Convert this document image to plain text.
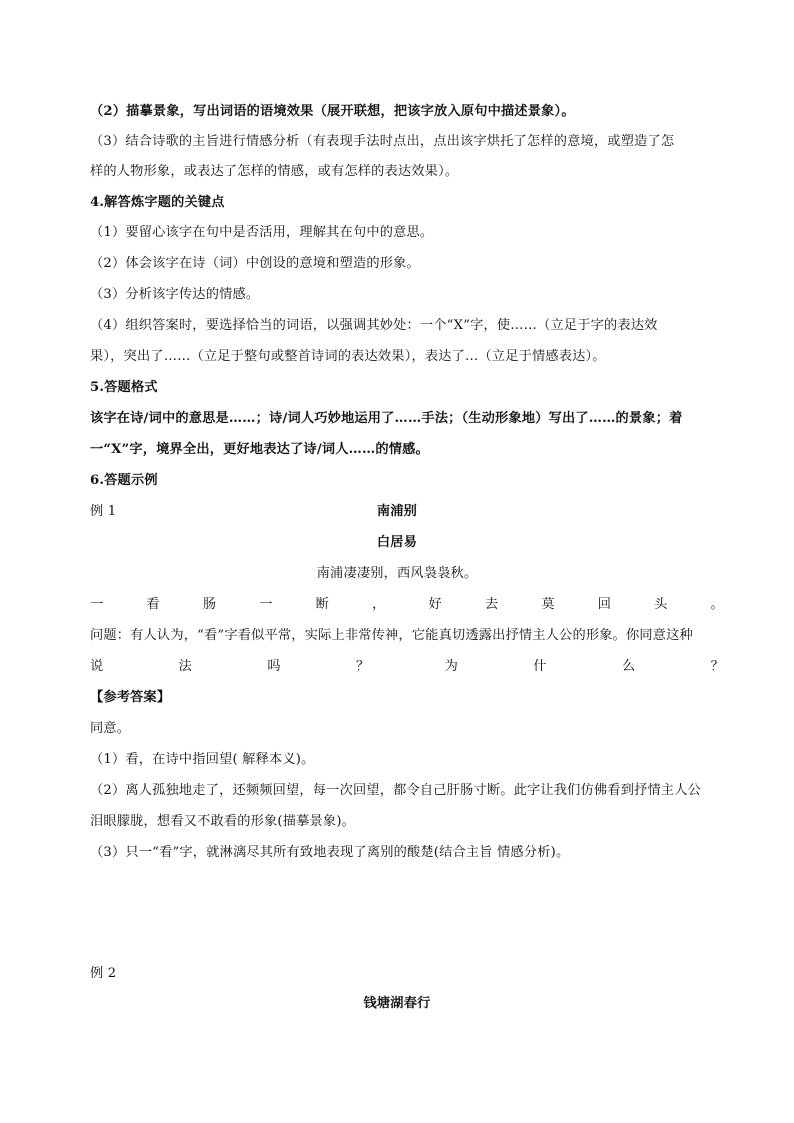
（2）描摹景象，写出词语的语境效果（展开联想，把该字放入原句中描述景象）。
（3）结合诗歌的主旨进行情感分析（有表现手法时点出，点出该字烘托了怎样的意境，或塑造了怎
样的人物形象，或表达了怎样的情感，或有怎样的表达效果）。
4.解答炼字题的关键点
（1）要留心该字在句中是否活用，理解其在句中的意思。
（2）体会该字在诗（词）中创设的意境和塑造的形象。
（3）分析该字传达的情感。
（4）组织答案时，要选择恰当的词语，以强调其妙处：一个“X”字，使……（立足于字的表达效
果），突出了……（立足于整句或整首诗词的表达效果），表达了…（立足于情感表达）。
5.答题格式
该字在诗/词中的意思是……；诗/词人巧妙地运用了……手法；（生动形象地）写出了……的景象；着
一“X”字，境界全出，更好地表达了诗/词人……的情感。
6.答题示例
例 1	南浦别
白居易
南浦凄凄别，西风袅袅秋。
一看肠一断，好去莫回头。
问题：有人认为，“看”字看似平常，实际上非常传神，它能真切透露出抒情主人公的形象。你同意这种
说法吗？为什么？
【参考答案】
同意。
（1）看，在诗中指回望( 解释本义)。
（2）离人孤独地走了，还频频回望，每一次回望，都令自己肝肠寸断。此字让我们仿佛看到抒情主人公
泪眼朦胧，想看又不敢看的形象(描摹景象)。
（3）只一“看”字，就淋漓尽其所有致地表现了离别的酸楚(结合主旨 情感分析)。
例 2
钱塘湖春行
